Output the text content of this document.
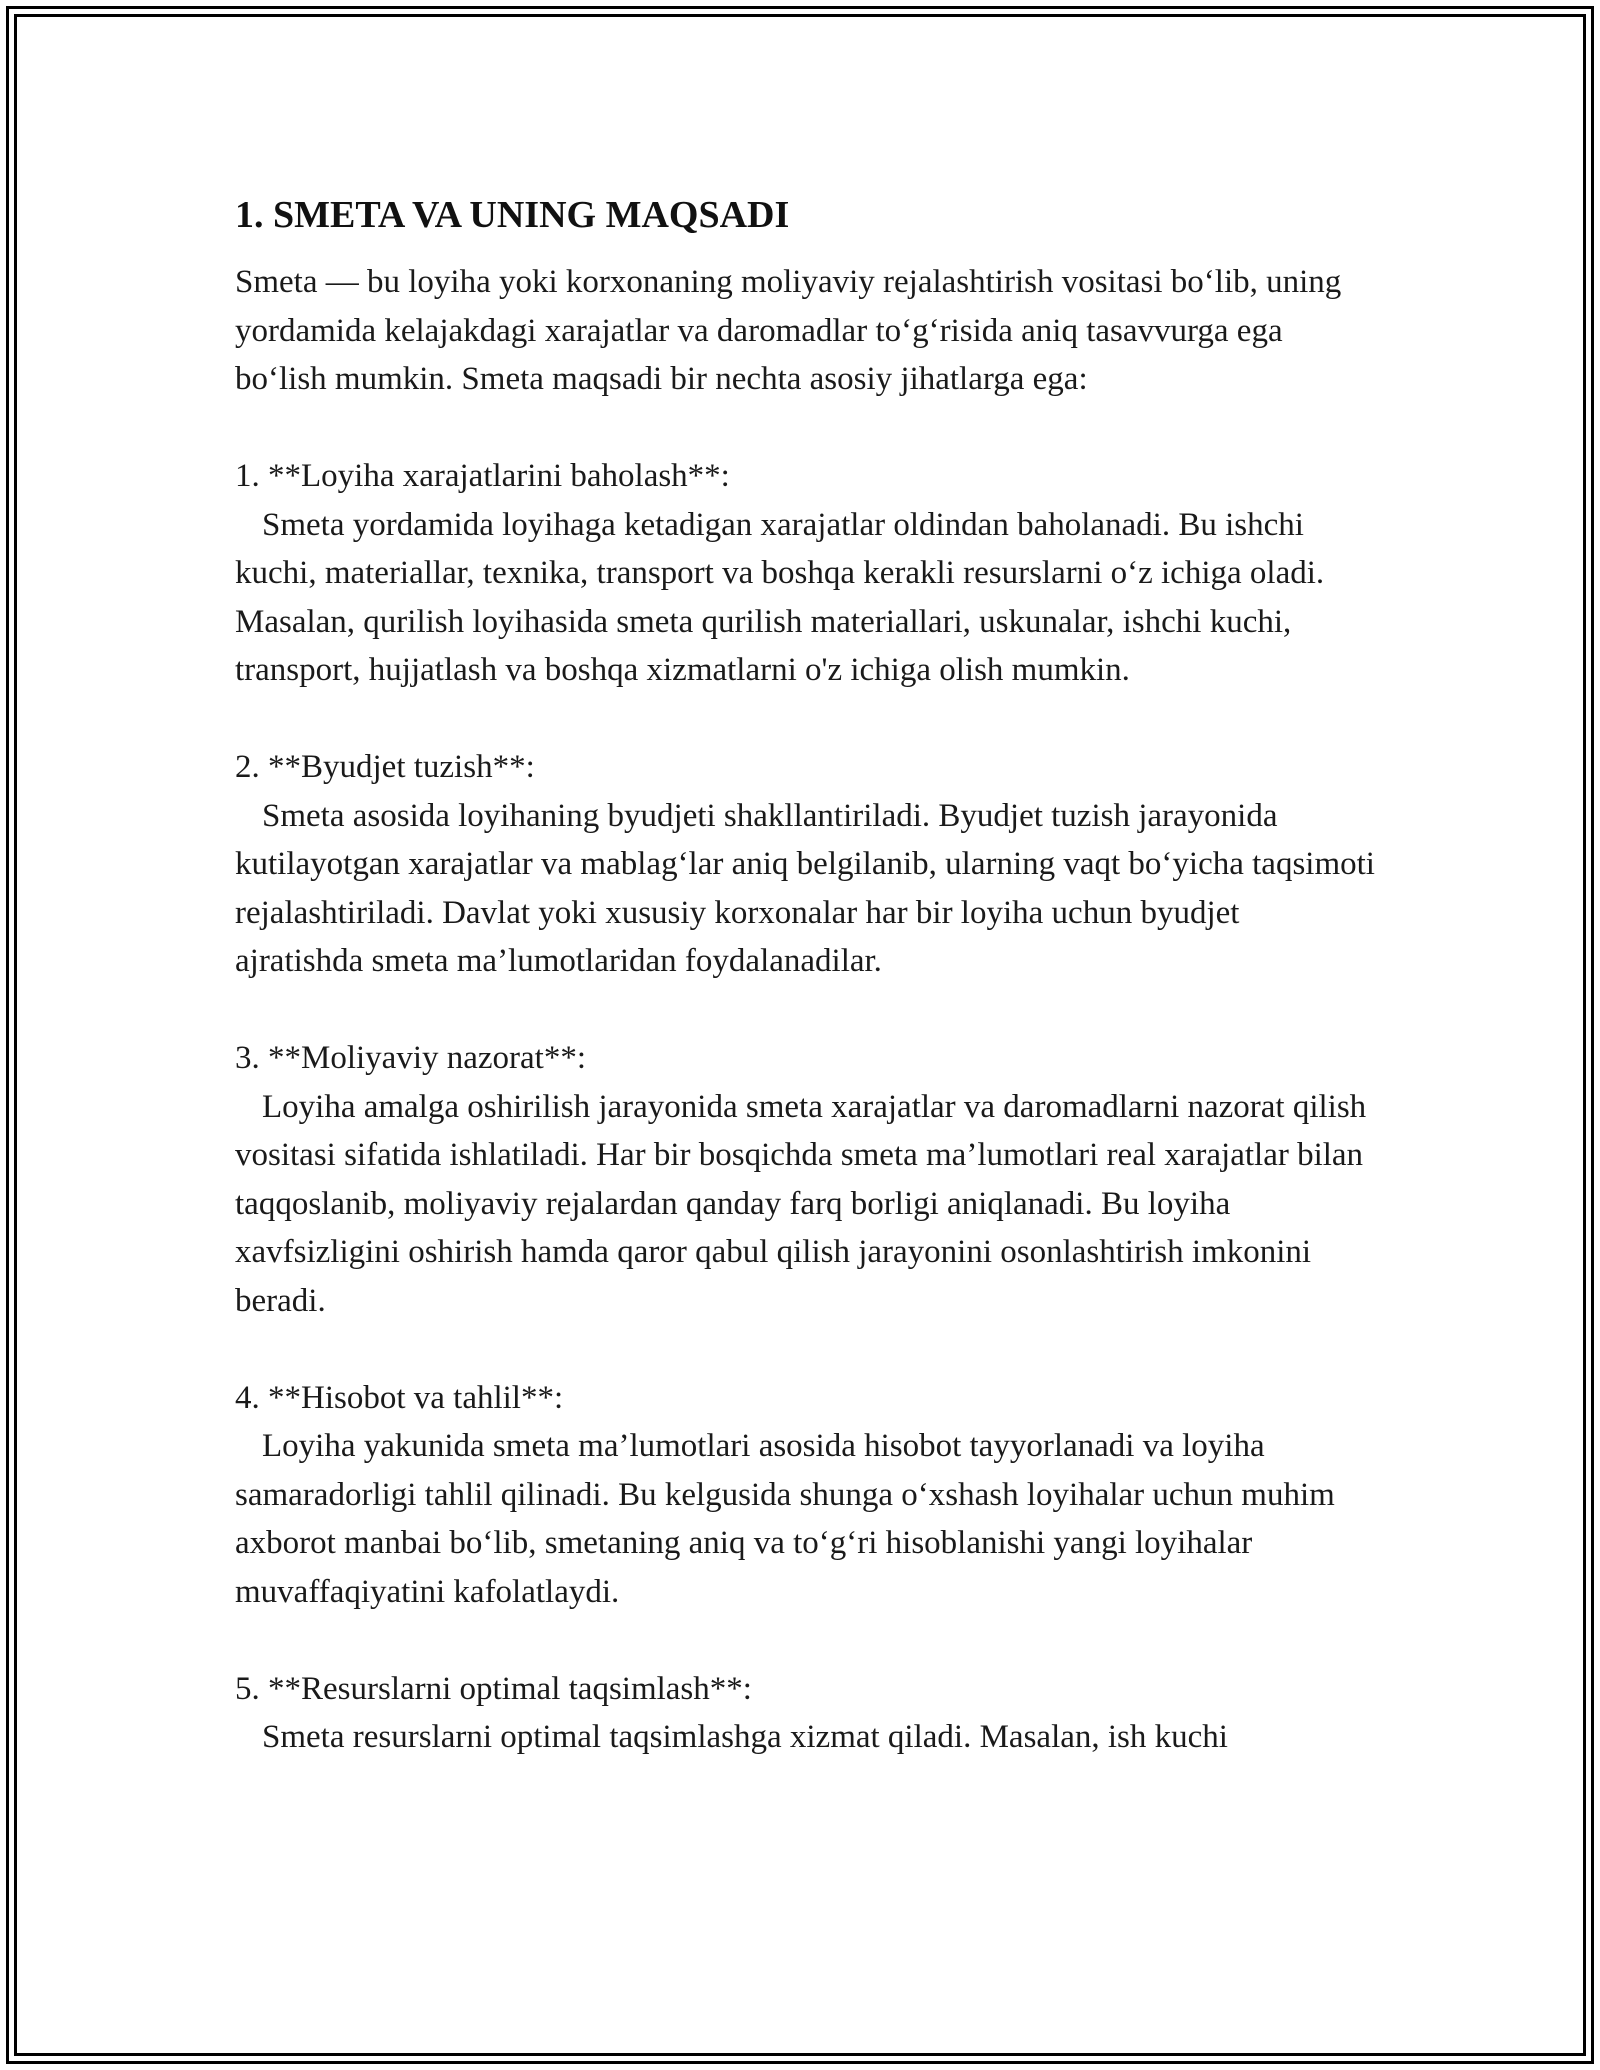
1. SMETA VA UNING MAQSADI

Smeta — bu loyiha yoki korxonaning moliyaviy rejalashtirish vositasi bo‘lib, uning yordamida kelajakdagi xarajatlar va daromadlar to‘g‘risida aniq tasavvurga ega bo‘lish mumkin. Smeta maqsadi bir nechta asosiy jihatlarga ega:

1. **Loyiha xarajatlarini baholash**:

Smeta yordamida loyihaga ketadigan xarajatlar oldindan baholanadi. Bu ishchi kuchi, materiallar, texnika, transport va boshqa kerakli resurslarni o‘z ichiga oladi. Masalan, qurilish loyihasida smeta qurilish materiallari, uskunalar, ishchi kuchi, transport, hujjatlash va boshqa xizmatlarni o'z ichiga olish mumkin.

2. **Byudjet tuzish**:

Smeta asosida loyihaning byudjeti shakllantiriladi. Byudjet tuzish jarayonida kutilayotgan xarajatlar va mablag‘lar aniq belgilanib, ularning vaqt bo‘yicha taqsimoti rejalashtiriladi. Davlat yoki xususiy korxonalar har bir loyiha uchun byudjet ajratishda smeta ma’lumotlaridan foydalanadilar.

3. **Moliyaviy nazorat**:

Loyiha amalga oshirilish jarayonida smeta xarajatlar va daromadlarni nazorat qilish vositasi sifatida ishlatiladi. Har bir bosqichda smeta ma’lumotlari real xarajatlar bilan taqqoslanib, moliyaviy rejalardan qanday farq borligi aniqlanadi. Bu loyiha xavfsizligini oshirish hamda qaror qabul qilish jarayonini osonlashtirish imkonini beradi.

4. **Hisobot va tahlil**:

Loyiha yakunida smeta ma’lumotlari asosida hisobot tayyorlanadi va loyiha samaradorligi tahlil qilinadi. Bu kelgusida shunga o‘xshash loyihalar uchun muhim axborot manbai bo‘lib, smetaning aniq va to‘g‘ri hisoblanishi yangi loyihalar muvaffaqiyatini kafolatlaydi.

5. **Resurslarni optimal taqsimlash**:

Smeta resurslarni optimal taqsimlashga xizmat qiladi. Masalan, ish kuchi
